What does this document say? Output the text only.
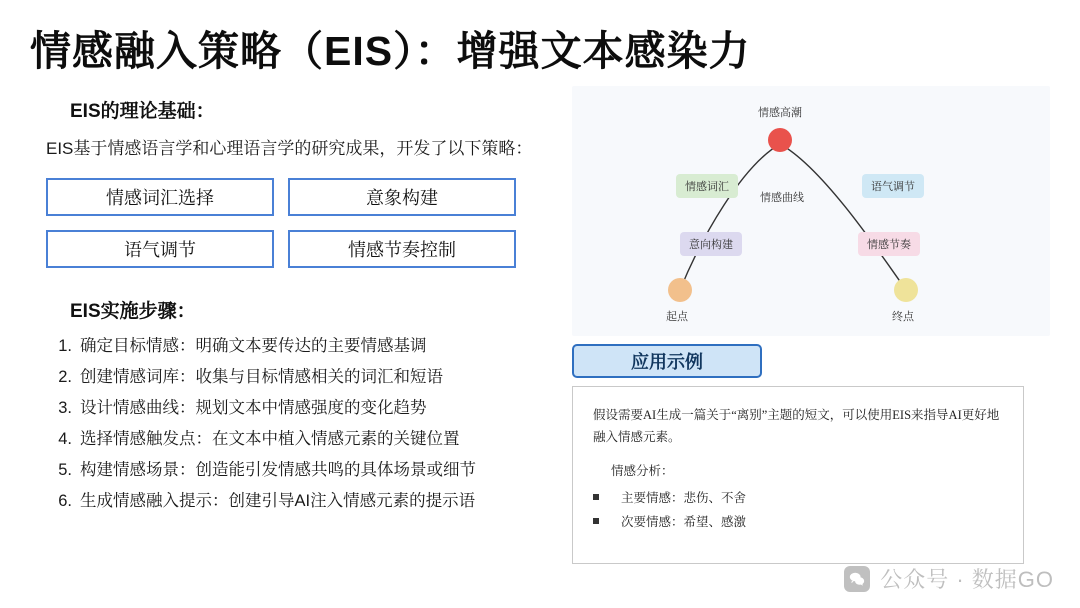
情感融入策略（EIS）：增强文本感染力
EIS的理论基础：
EIS基于情感语言学和心理语言学的研究成果，开发了以下策略：
情感词汇选择	意象构建
语气调节	情感节奏控制
EIS实施步骤：
1. 确定目标情感：明确文本要传达的主要情感基调
2. 创建情感词库：收集与目标情感相关的词汇和短语
3. 设计情感曲线：规划文本中情感强度的变化趋势
4. 选择情感触发点：在文本中植入情感元素的关键位置
5. 构建情感场景：创造能引发情感共鸣的具体场景或细节
6. 生成情感融入提示：创建引导AI注入情感元素的提示语
情感高潮
情感词汇	语气调节
情感曲线
意向构建	情感节奏
起点	终点
应用示例
假设需要AI生成一篇关于“离别”主题的短文，可以使用EIS来指导AI更好地融入情感元素。
情感分析：
主要情感：悲伤、不舍
次要情感：希望、感激
公众号 · 数据GO
